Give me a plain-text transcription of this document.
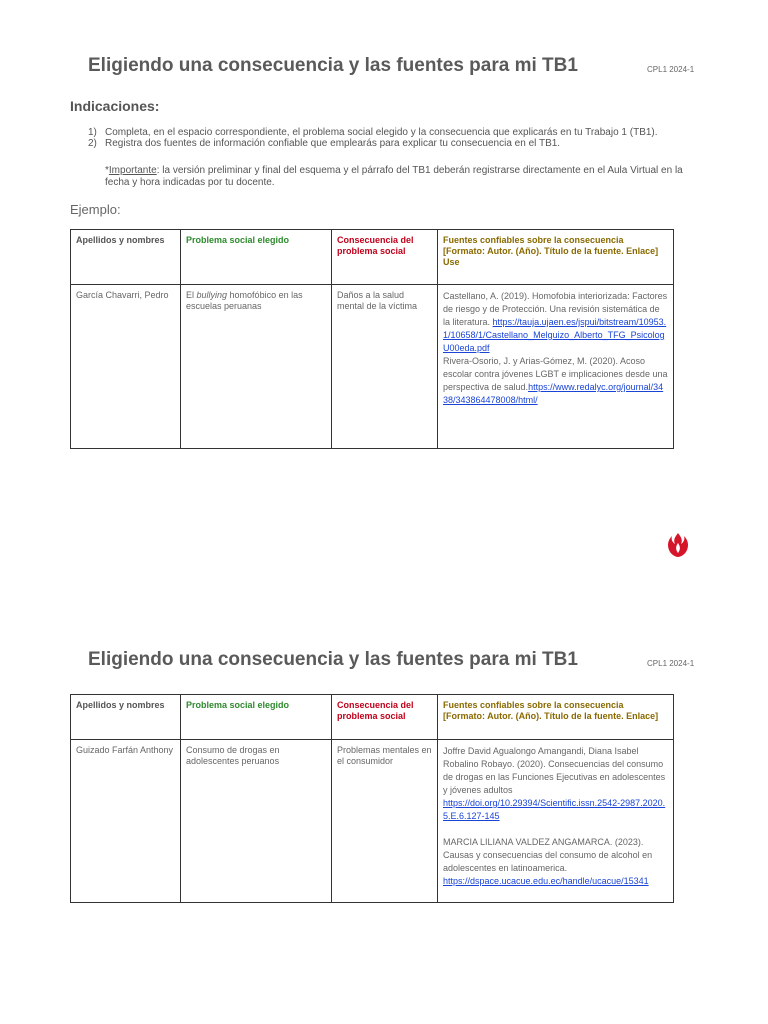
Eligiendo una consecuencia y las fuentes para mi TB1	CPL1 2024-1
Indicaciones:
1) Completa, en el espacio correspondiente, el problema social elegido y la consecuencia que explicarás en tu Trabajo 1 (TB1).
2) Registra dos fuentes de información confiable que emplearás para explicar tu consecuencia en el TB1.
*Importante: la versión preliminar y final del esquema y el párrafo del TB1 deberán registrarse directamente en el Aula Virtual en la fecha y hora indicadas por tu docente.
Ejemplo:
Apellidos y nombres	Problema social elegido	Consecuencia del problema social	Fuentes confiables sobre la consecuencia
[Formato: Autor. (Año). Título de la fuente. Enlace]
Use

García Chavarri, Pedro	El bullying homofóbico en las escuelas peruanas	Daños a la salud mental de la víctima	Castellano, A. (2019). Homofobia interiorizada: Factores de riesgo y de Protección. Una revisión sistemática de la literatura. https://tauja.ujaen.es/jspui/bitstream/10953.1/10658/1/Castellano_Melguizo_Alberto_TFG_PsicologU00eda.pdf
Rivera-Osorio, J. y Arias-Gómez, M. (2020). Acoso escolar contra jóvenes LGBT e implicaciones desde una perspectiva de salud.https://www.redalyc.org/journal/3438/343864478008/html/
Eligiendo una consecuencia y las fuentes para mi TB1	CPL1 2024-1
Apellidos y nombres	Problema social elegido	Consecuencia del problema social	Fuentes confiables sobre la consecuencia
[Formato: Autor. (Año). Título de la fuente. Enlace]

Guizado Farfán Anthony	Consumo de drogas en adolescentes peruanos	Problemas mentales en el consumidor	Joffre David Agualongo Amangandi, Diana Isabel Robalino Robayo. (2020). Consecuencias del consumo de drogas en las Funciones Ejecutivas en adolescentes y jóvenes adultos
https://doi.org/10.29394/Scientific.issn.2542-2987.2020.5.E.6.127-145
MARCIA LILIANA VALDEZ ANGAMARCA. (2023). Causas y consecuencias del consumo de alcohol en adolescentes en latinoamerica.
https://dspace.ucacue.edu.ec/handle/ucacue/15341
